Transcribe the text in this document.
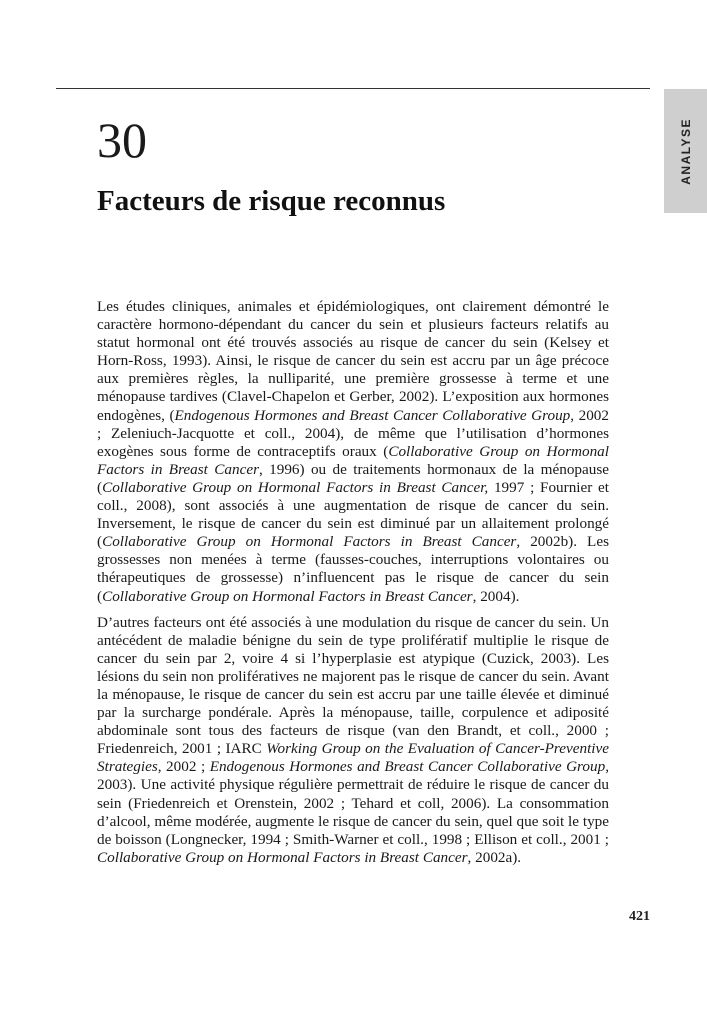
ANALYSE
30
Facteurs de risque reconnus

Les études cliniques, animales et épidémiologiques, ont clairement démontré le caractère hormono-dépendant du cancer du sein et plusieurs facteurs relatifs au statut hormonal ont été trouvés associés au risque de cancer du sein (Kelsey et Horn-Ross, 1993). Ainsi, le risque de cancer du sein est accru par un âge précoce aux premières règles, la nulliparité, une première grossesse à terme et une ménopause tardives (Clavel-Chapelon et Gerber, 2002). L’exposition aux hormones endogènes, (Endogenous Hormones and Breast Cancer Collaborative Group, 2002 ; Zeleniuch-Jacquotte et coll., 2004), de même que l’utilisation d’hormones exogènes sous forme de contraceptifs oraux (Collaborative Group on Hormonal Factors in Breast Cancer, 1996) ou de traitements hormonaux de la ménopause (Collaborative Group on Hormonal Factors in Breast Cancer, 1997 ; Fournier et coll., 2008), sont associés à une augmentation de risque de cancer du sein. Inversement, le risque de cancer du sein est diminué par un allaitement prolongé (Collaborative Group on Hormonal Factors in Breast Cancer, 2002b). Les grossesses non menées à terme (fausses-couches, interruptions volontaires ou thérapeutiques de grossesse) n’influencent pas le risque de cancer du sein (Collaborative Group on Hormonal Factors in Breast Cancer, 2004).

D’autres facteurs ont été associés à une modulation du risque de cancer du sein. Un antécédent de maladie bénigne du sein de type prolifératif multiplie le risque de cancer du sein par 2, voire 4 si l’hyperplasie est atypique (Cuzick, 2003). Les lésions du sein non prolifératives ne majorent pas le risque de cancer du sein. Avant la ménopause, le risque de cancer du sein est accru par une taille élevée et diminué par la surcharge pondérale. Après la ménopause, taille, corpulence et adiposité abdominale sont tous des facteurs de risque (van den Brandt, et coll., 2000 ; Friedenreich, 2001 ; IARC Working Group on the Evaluation of Cancer-Preventive Strategies, 2002 ; Endogenous Hormones and Breast Cancer Collaborative Group, 2003). Une activité physique régulière permettrait de réduire le risque de cancer du sein (Friedenreich et Orenstein, 2002 ; Tehard et coll, 2006). La consommation d’alcool, même modérée, augmente le risque de cancer du sein, quel que soit le type de boisson (Longnecker, 1994 ; Smith-Warner et coll., 1998 ; Ellison et coll., 2001 ; Collaborative Group on Hormonal Factors in Breast Cancer, 2002a).

421
